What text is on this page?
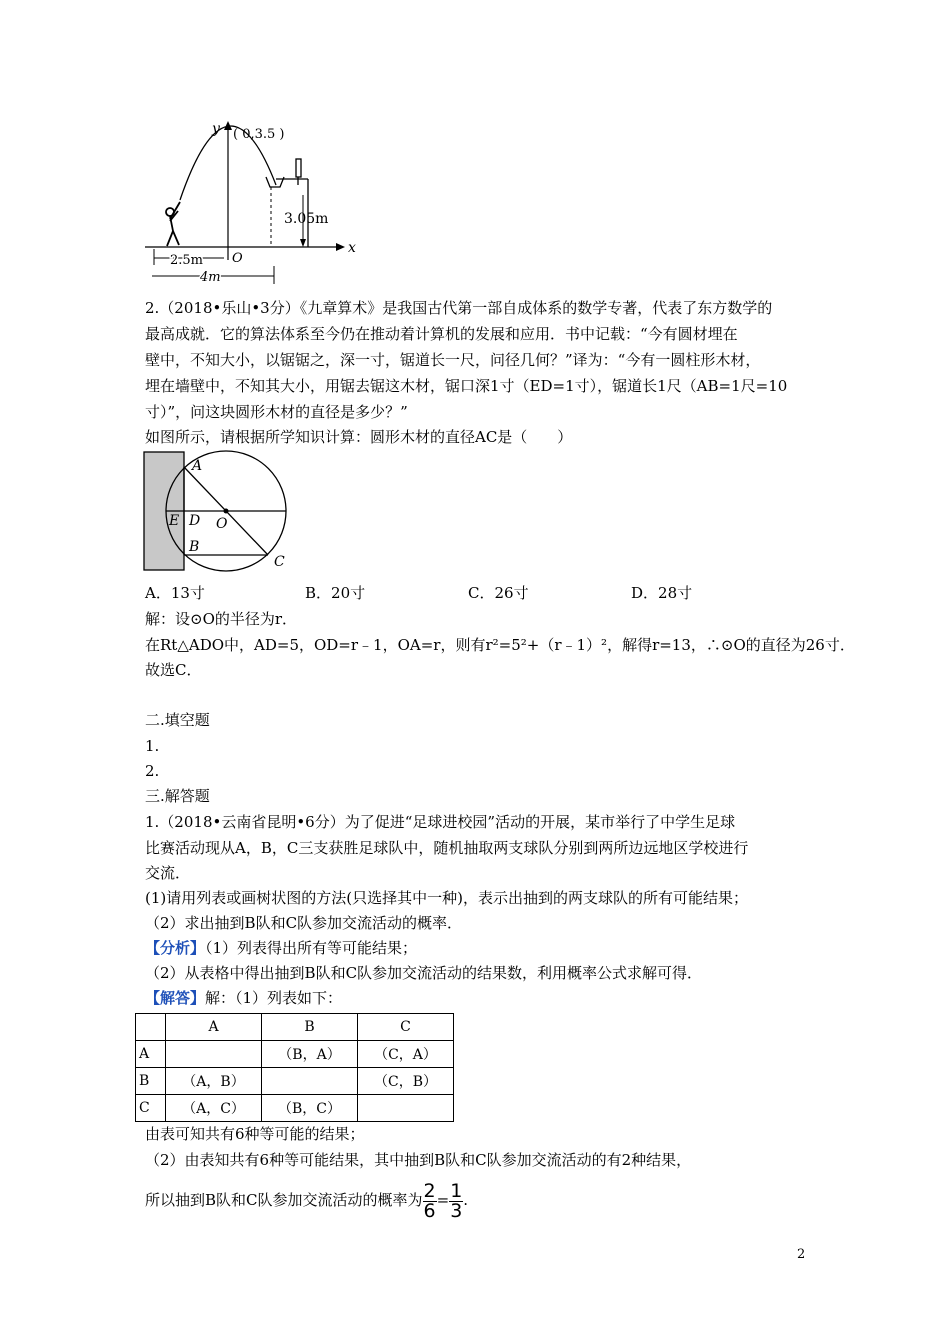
x
y ( 0,3.5 )
O
3.05m
2.5m
4m
2.（2018•乐山•3分）《九章算术》是我国古代第一部自成体系的数学专著，代表了东方数学的
最高成就．它的算法体系至今仍在推动着计算机的发展和应用．书中记载：“今有圆材埋在
壁中，不知大小，以锯锯之，深一寸，锯道长一尺，问径几何？”译为：“今有一圆柱形木材，
埋在墙壁中，不知其大小，用锯去锯这木材，锯口深1寸（ED=1寸），锯道长1尺（AB=1尺=10
寸）”，问这块圆形木材的直径是多少？”
如图所示，请根据所学知识计算：圆形木材的直径AC是（　　）
A
B
C
D
E	O
A．13寸	B．20寸	C．26寸	D．28寸
解：设⊙O的半径为r．
在Rt△ADO中，AD=5，OD=r﹣1，OA=r，则有r²=5²+（r﹣1）²，解得r=13，∴⊙O的直径为26寸．
故选C．
二.填空题
1.
2.
三.解答题
1.（2018•云南省昆明•6分）为了促进“足球进校园”活动的开展，某市举行了中学生足球
比赛活动现从A，B，C三支获胜足球队中，随机抽取两支球队分别到两所边远地区学校进行
交流．
(1)请用列表或画树状图的方法(只选择其中一种)，表示出抽到的两支球队的所有可能结果；
（2）求出抽到B队和C队参加交流活动的概率．
【分析】（1）列表得出所有等可能结果；
（2）从表格中得出抽到B队和C队参加交流活动的结果数，利用概率公式求解可得．
【解答】解：（1）列表如下：
	A	B	C
A		（B，A）	（C，A）
B	（A，B）		（C，B）
C	（A，C）	（B，C）	
由表可知共有6种等可能的结果；
（2）由表知共有6种等可能结果，其中抽到B队和C队参加交流活动的有2种结果，
所以抽到B队和C队参加交流活动的概率为 $\frac{2}{6} = \frac{1}{3}$ .
2
